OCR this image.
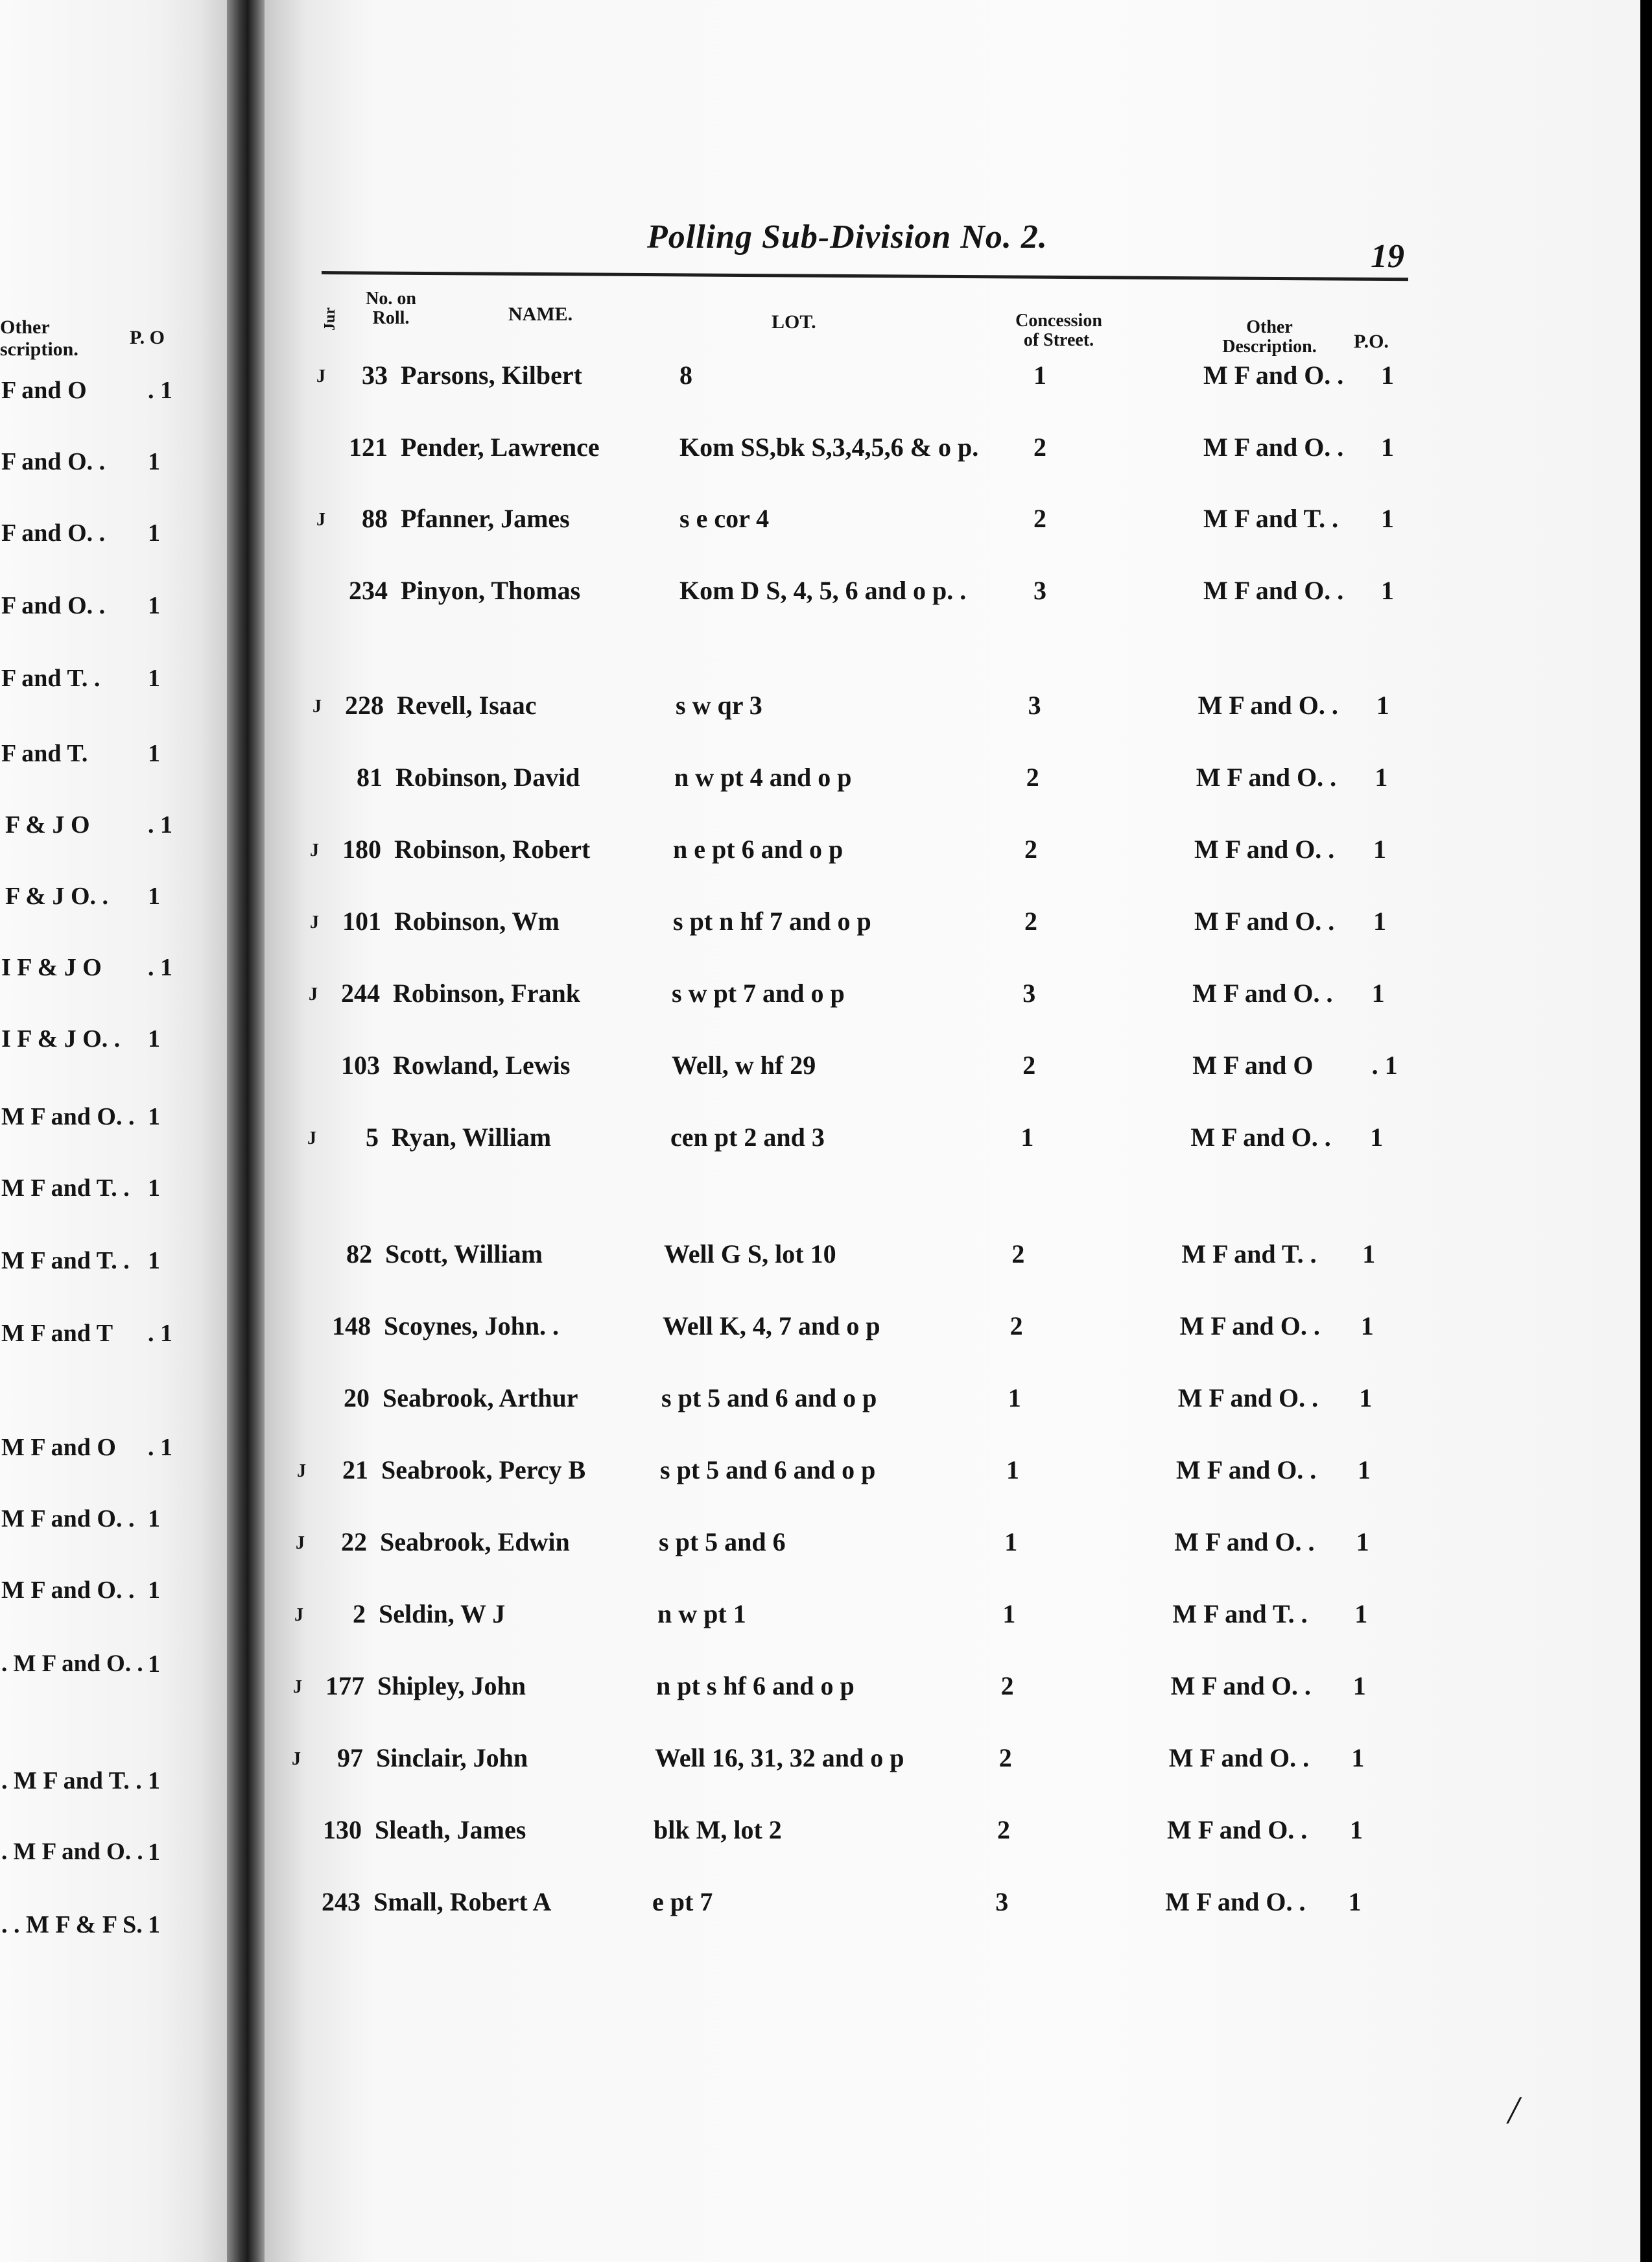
Other
scription.
P. O
F and O . 1
F and O. . 1
F and O. . 1
F and O. . 1
F and T. . 1
F and T. 1
F & J O . 1
F & J O. . 1
I F & J O . 1
I F & J O. . 1
M F and O. . 1
M F and T. . 1
M F and T. . 1
M F and T . 1
M F and O . 1
M F and O. . 1
M F and O. . 1
. M F and O. . 1
. M F and T. . 1
. M F and O. . 1
. . M F & F S. 1
Polling Sub-Division No. 2.
19
Jur
No. on
Roll.	NAME.	LOT.	Concession
of Street.
Other
Description.	P.O.
J	33 Parsons, Kilbert	8	1	M F and O. . 1
121 Pender, Lawrence	Kom SS,bk S,3,4,5,6 & o p. 2	M F and O. . 1
J	88 Pfanner, James	s e cor 4	2	M F and T. . 1
234 Pinyon, Thomas	Kom D S, 4, 5, 6 and o p. .	3	M F and O. . 1
J 228 Revell, Isaac	s w qr 3	3	M F and O. . 1
81 Robinson, David	n w pt 4 and o p	2	M F and O. . 1
J 180 Robinson, Robert	n e pt 6 and o p	2	M F and O. . 1
J 101 Robinson, Wm	s pt n hf 7 and o p	2	M F and O. . 1
J 244 Robinson, Frank	s w pt 7 and o p	3	M F and O. . 1
103 Rowland, Lewis	Well, w hf 29	2	M F and O . 1
J	5 Ryan, William	cen pt 2 and 3	1	M F and O. . 1
82 Scott, William	Well G S, lot 10	2	M F and T. . 1
148 Scoynes, John. .	Well K, 4, 7 and o p	2	M F and O. . 1
20 Seabrook, Arthur	s pt 5 and 6 and o p	1	M F and O. . 1
J	21 Seabrook, Percy B	s pt 5 and 6 and o p	1	M F and O. . 1
J	22 Seabrook, Edwin	s pt 5 and 6	1	M F and O. . 1
J	2 Seldin, W J	n w pt 1	1	M F and T. . 1
J 177 Shipley, John	n pt s hf 6 and o p	2	M F and O. . 1
J	97 Sinclair, John	Well 16, 31, 32 and o p	2	M F and O. . 1
130 Sleath, James	blk M, lot 2	2	M F and O. . 1
243 Small, Robert A	e pt 7	3	M F and O. . 1
/
